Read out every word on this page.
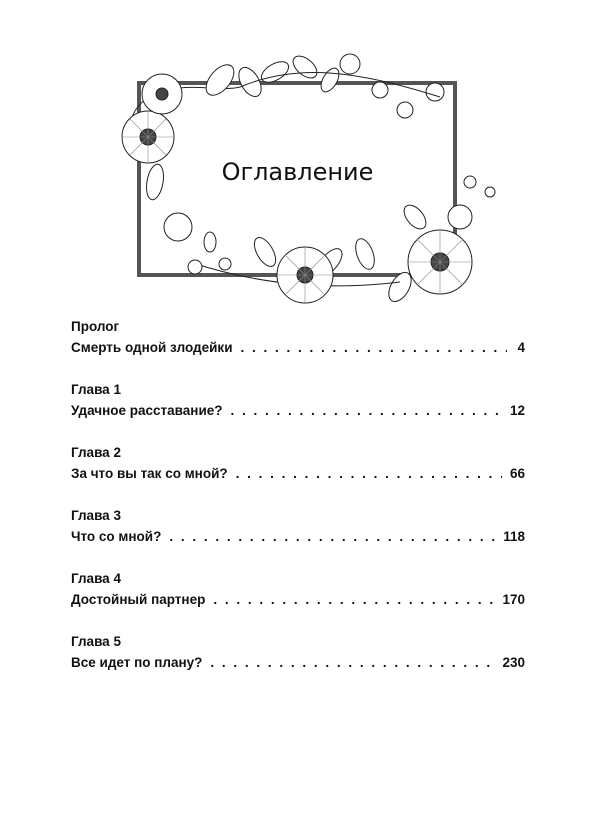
Оглавление
Пролог
Смерть одной злодейки . . .	4
Глава 1
Удачное расставание? . . .	12
Глава 2
За что вы так со мной? . . .	66
Глава 3
Что со мной? . . .	118
Глава 4
Достойный партнер . . .	170
Глава 5
Все идет по плану? . . .	230
